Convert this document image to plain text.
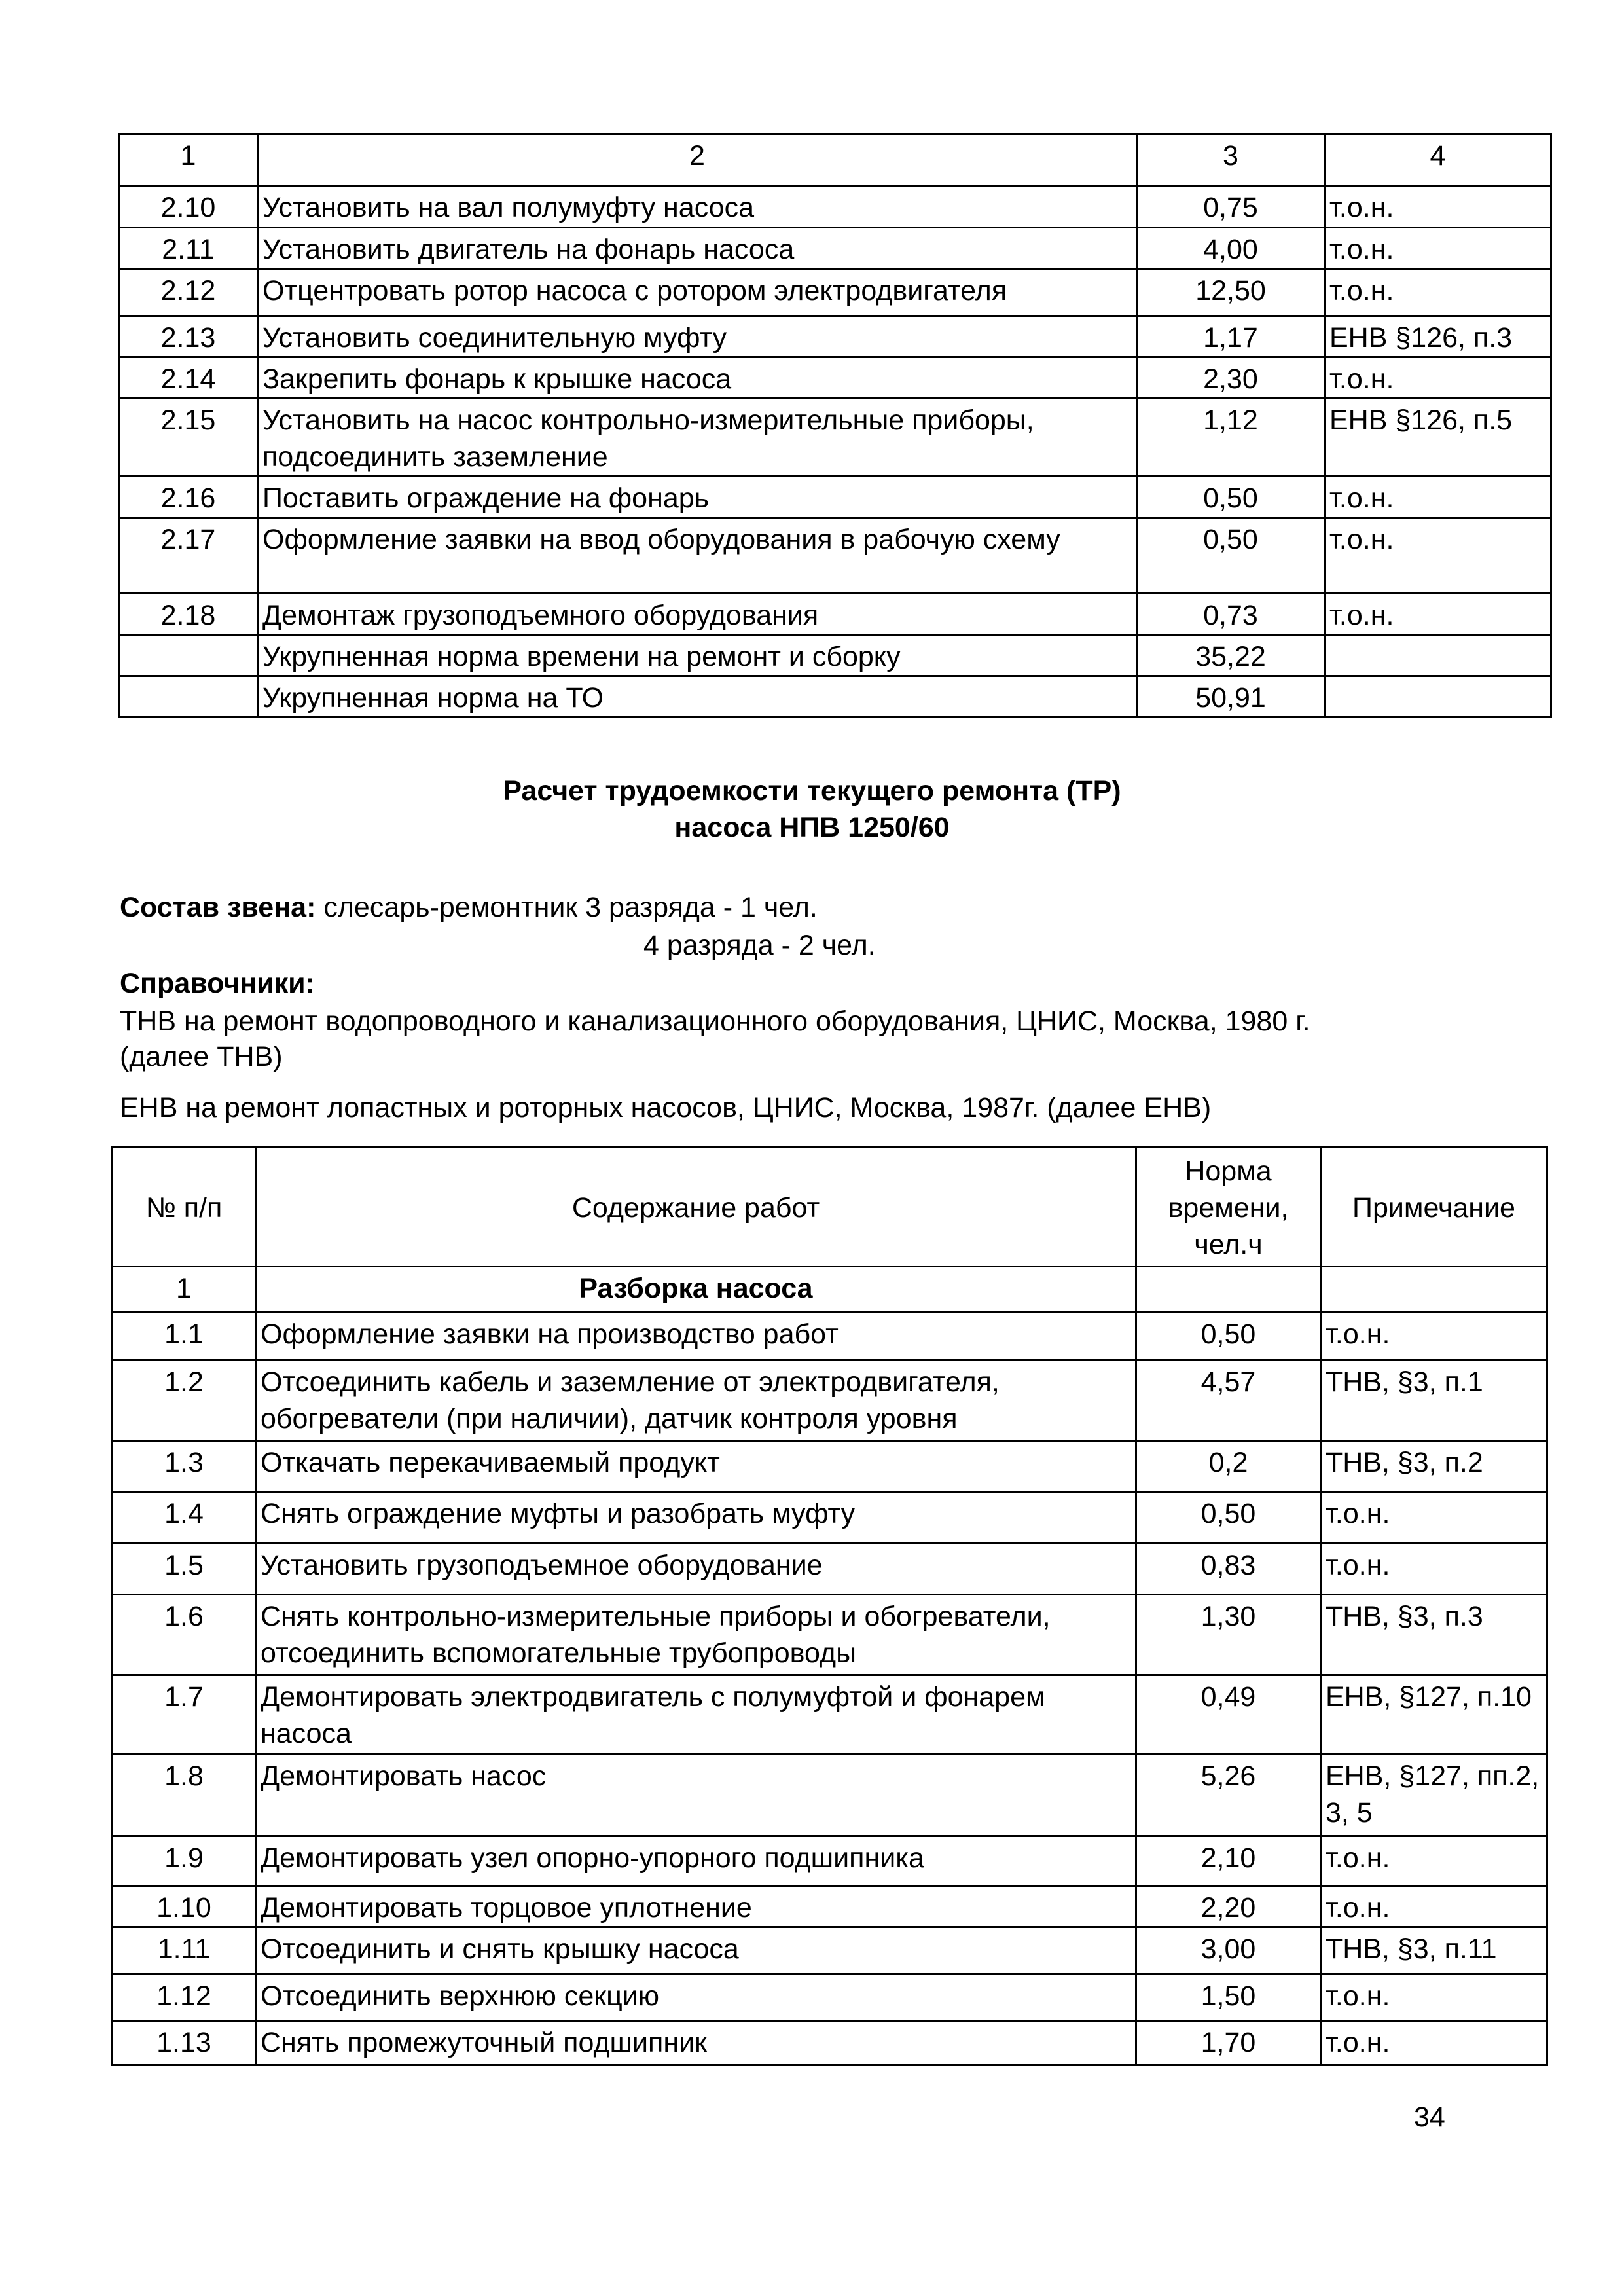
1	2	3	4
2.10	Установить на вал полумуфту насоса	0,75	т.о.н.
2.11	Установить двигатель на фонарь насоса	4,00	т.о.н.
2.12	Отцентровать ротор насоса с ротором электродвигателя	12,50	т.о.н.
2.13	Установить соединительную муфту	1,17	ЕНВ §126, п.3
2.14	Закрепить фонарь к крышке насоса	2,30	т.о.н.
2.15	Установить на насос контрольно-измерительные приборы, подсоединить заземление	1,12	ЕНВ §126, п.5
2.16	Поставить ограждение на фонарь	0,50	т.о.н.
2.17	Оформление заявки на ввод оборудования в рабочую схему	0,50	т.о.н.
2.18	Демонтаж грузоподъемного оборудования	0,73	т.о.н.
	Укрупненная норма времени на ремонт и сборку	35,22	
	Укрупненная норма на ТО	50,91	
Расчет трудоемкости текущего ремонта (ТР)
насоса НПВ 1250/60
Состав звена: слесарь-ремонтник 3 разряда - 1 чел.
4 разряда - 2 чел.
Справочники:
ТНВ на ремонт водопроводного и канализационного оборудования, ЦНИС, Москва, 1980 г.
(далее ТНВ)
ЕНВ на ремонт лопастных и роторных насосов, ЦНИС, Москва, 1987г. (далее ЕНВ)
№ п/п	Содержание работ	Норма времени, чел.ч	Примечание
1	Разборка насоса		
1.1	Оформление заявки на производство работ	0,50	т.о.н.
1.2	Отсоединить кабель и заземление от электродвигателя, обогреватели (при наличии), датчик контроля уровня	4,57	ТНВ, §3, п.1
1.3	Откачать перекачиваемый продукт	0,2	ТНВ, §3, п.2
1.4	Снять ограждение муфты и разобрать муфту	0,50	т.о.н.
1.5	Установить грузоподъемное оборудование	0,83	т.о.н.
1.6	Снять контрольно-измерительные приборы и обогреватели, отсоединить вспомогательные трубопроводы	1,30	ТНВ, §3, п.3
1.7	Демонтировать электродвигатель с полумуфтой и фонарем насоса	0,49	ЕНВ, §127, п.10
1.8	Демонтировать насос	5,26	ЕНВ, §127, пп.2, 3, 5
1.9	Демонтировать узел опорно-упорного подшипника	2,10	т.о.н.
1.10	Демонтировать торцовое уплотнение	2,20	т.о.н.
1.11	Отсоединить и снять крышку насоса	3,00	ТНВ, §3, п.11
1.12	Отсоединить верхнюю секцию	1,50	т.о.н.
1.13	Снять промежуточный подшипник	1,70	т.о.н.
34
